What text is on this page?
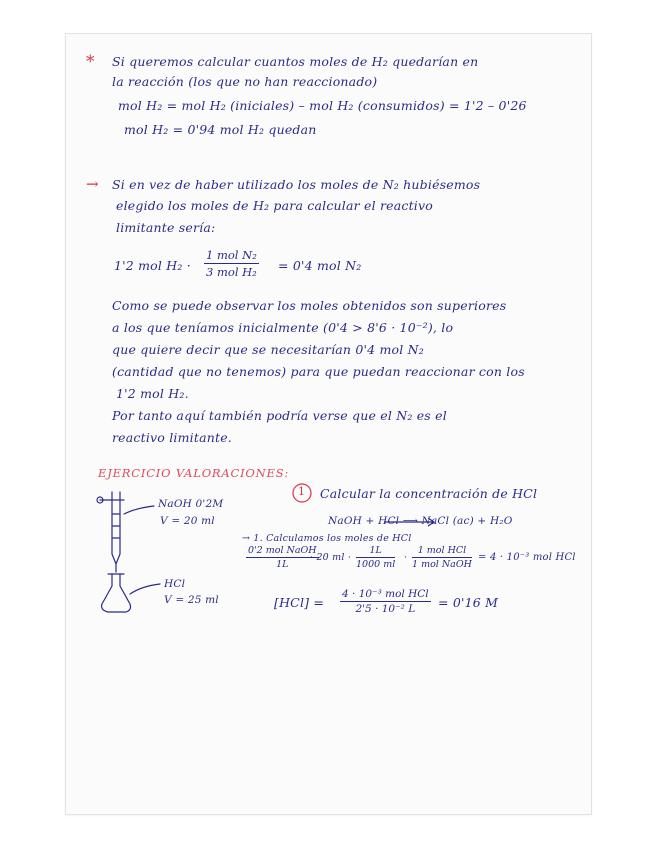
* Si queremos calcular cuantos moles de H₂ quedarían en
la reacción (los que no han reaccionado)
mol H₂ = mol H₂ (iniciales) – mol H₂ (consumidos) = 1'2 – 0'26
mol H₂ = 0'94 mol H₂ quedan
→ Si en vez de haber utilizado los moles de N₂ hubiésemos
elegido los moles de H₂ para calcular el reactivo
limitante sería:
1'2 mol H₂ ·
1 mol N₂
3 mol H₂ = 0'4 mol N₂
Como se puede observar los moles obtenidos son superiores
a los que teníamos inicialmente (0'4 > 8'6 · 10⁻²), lo
que quiere decir que se necesitarían 0'4 mol N₂
(cantidad que no tenemos) para que puedan reaccionar con los
1'2 mol H₂.
Por tanto aquí también podría verse que el N₂ es el
reactivo limitante.
EJERCICIO VALORACIONES:
NaOH 0'2M
V = 20 ml
HCl
V = 25 ml
1 Calcular la concentración de HCl
NaOH + HCl ⟶ NaCl (ac) + H₂O
→ 1. Calculamos los moles de HCl
0'2 mol NaOH
1L
· 20 ml · $\frac{1L}{1000 ml}$ ·
1 mol HCl
1 mol NaOH
= 4 · 10⁻³ mol HCl
[HCl] =
4 · 10⁻³ mol HCl
2'5 · 10⁻² L	= 0'16 M
